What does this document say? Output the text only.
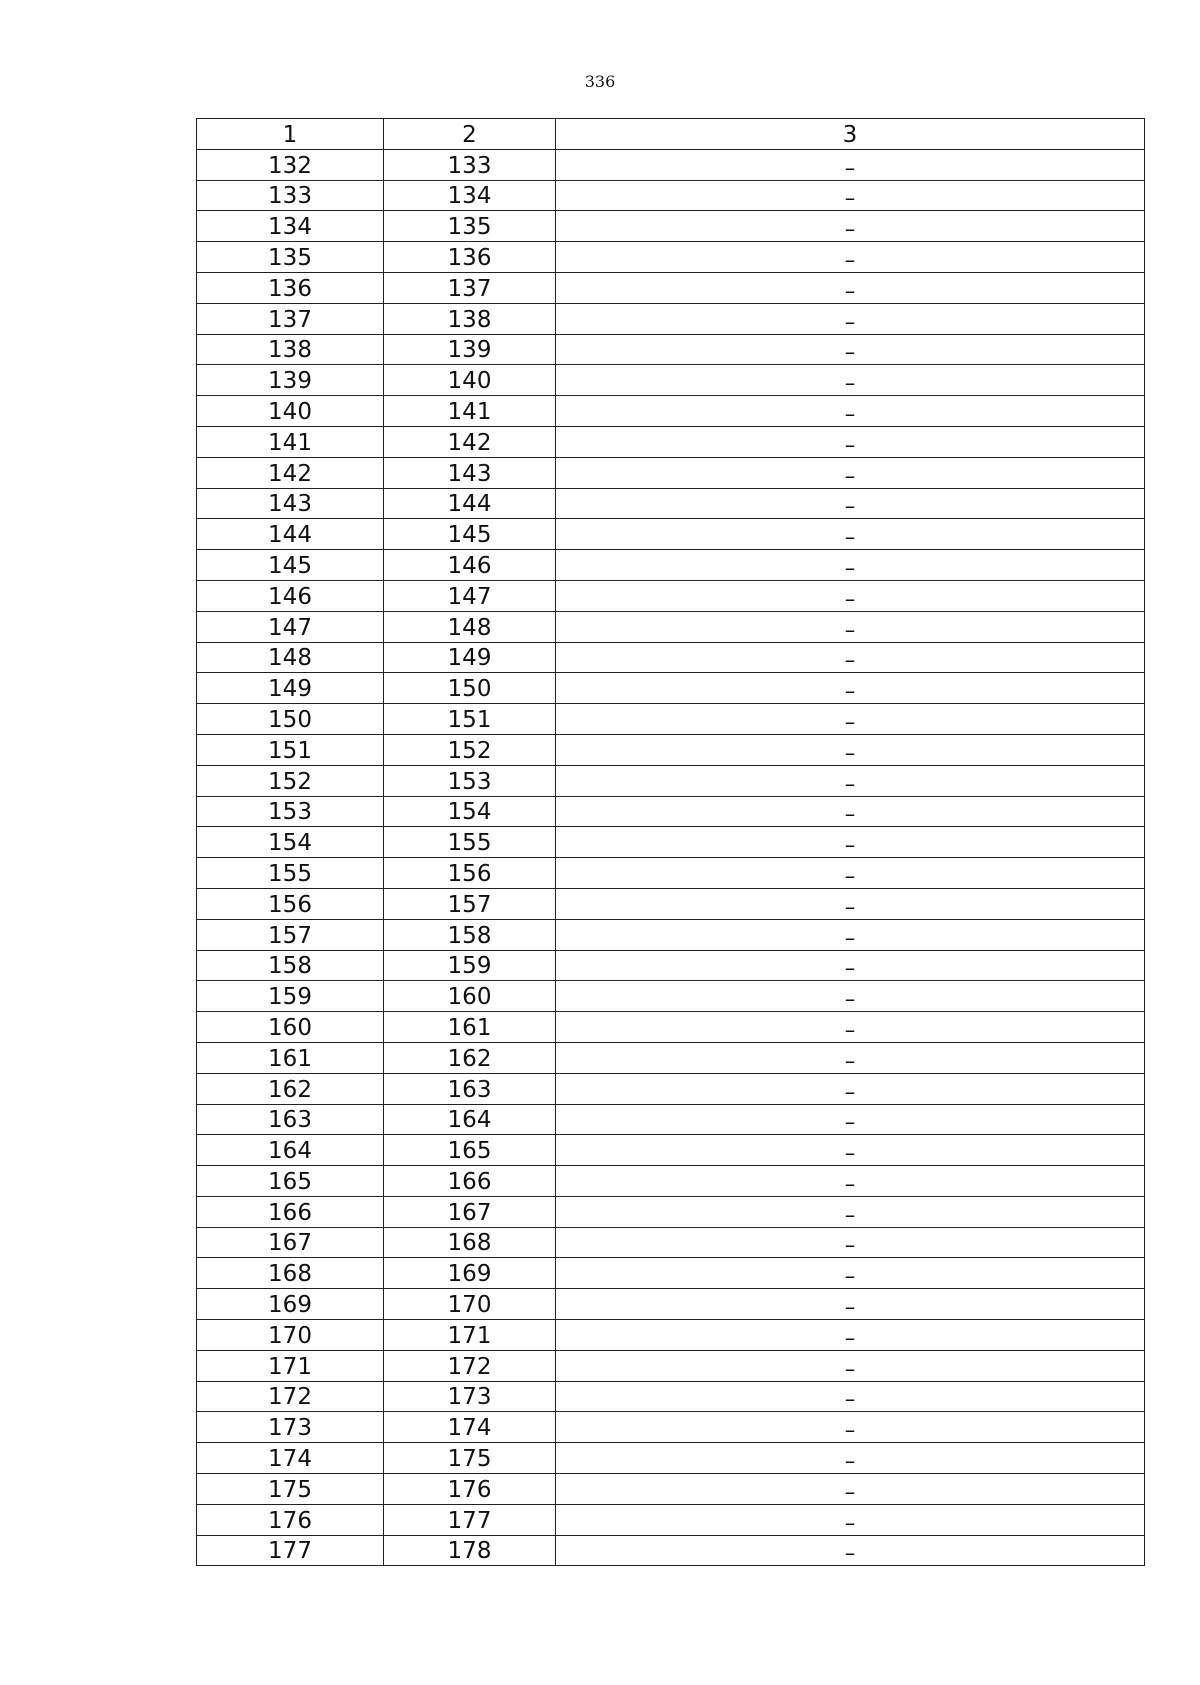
336
1	2	3
132	133	–
133	134	–
134	135	–
135	136	–
136	137	–
137	138	–
138	139	–
139	140	–
140	141	–
141	142	–
142	143	–
143	144	–
144	145	–
145	146	–
146	147	–
147	148	–
148	149	–
149	150	–
150	151	–
151	152	–
152	153	–
153	154	–
154	155	–
155	156	–
156	157	–
157	158	–
158	159	–
159	160	–
160	161	–
161	162	–
162	163	–
163	164	–
164	165	–
165	166	–
166	167	–
167	168	–
168	169	–
169	170	–
170	171	–
171	172	–
172	173	–
173	174	–
174	175	–
175	176	–
176	177	–
177	178	–
